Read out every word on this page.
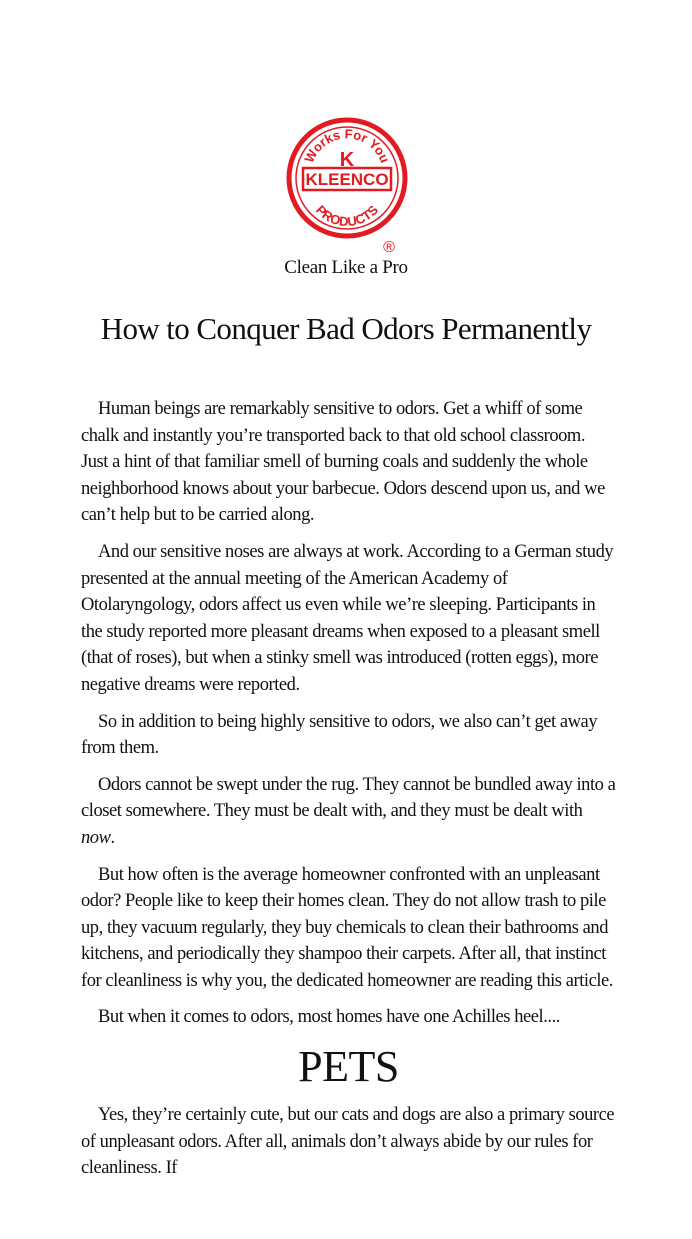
Works For You
PRODUCTS
KLEENCO
K
®
Clean Like a Pro
How to Conquer Bad Odors Permanently

Human beings are remarkably sensitive to odors. Get a whiff of some chalk and instantly you’re transported back to that old school classroom. Just a hint of that familiar smell of burning coals and suddenly the whole neighborhood knows about your barbecue. Odors descend upon us, and we can’t help but to be carried along.

And our sensitive noses are always at work. According to a German study presented at the annual meeting of the American Academy of Otolaryngology, odors affect us even while we’re sleeping. Participants in the study reported more pleasant dreams when exposed to a pleasant smell (that of roses), but when a stinky smell was introduced (rotten eggs), more negative dreams were reported.

So in addition to being highly sensitive to odors, we also can’t get away from them.

Odors cannot be swept under the rug. They cannot be bundled away into a closet somewhere. They must be dealt with, and they must be dealt with now.

But how often is the average homeowner confronted with an unpleasant odor? People like to keep their homes clean. They do not allow trash to pile up, they vacuum regularly, they buy chemicals to clean their bathrooms and kitchens, and periodically they shampoo their carpets. After all, that instinct for cleanliness is why you, the dedicated homeowner are reading this article.

But when it comes to odors, most homes have one Achilles heel....

PETS

Yes, they’re certainly cute, but our cats and dogs are also a primary source of unpleasant odors. After all, animals don’t always abide by our rules for cleanliness. If
